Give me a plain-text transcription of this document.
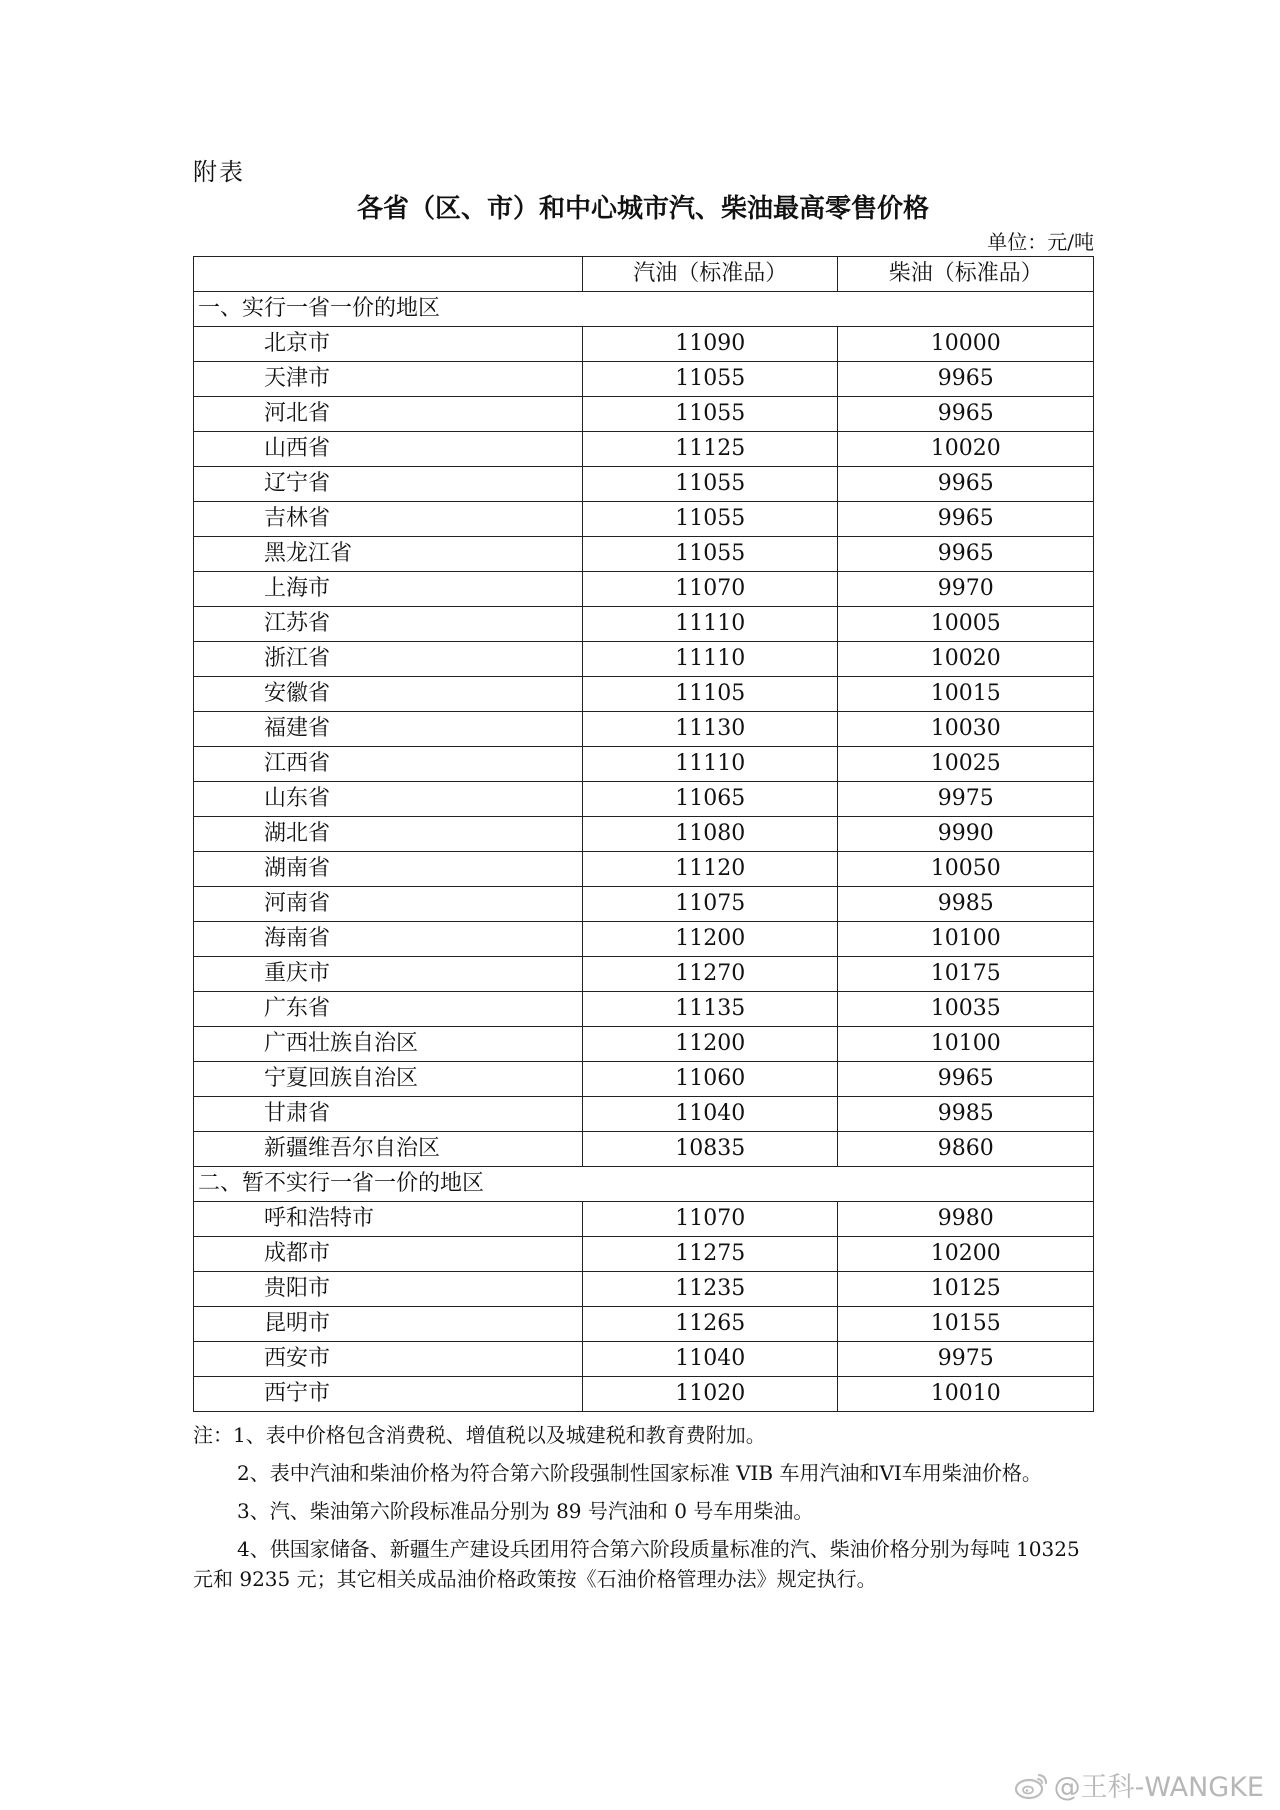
附表
各省（区、市）和中心城市汽、柴油最高零售价格
单位：元/吨
	汽油（标准品）	柴油（标准品）
一、实行一省一价的地区		
北京市	11090	10000
天津市	11055	9965
河北省	11055	9965
山西省	11125	10020
辽宁省	11055	9965
吉林省	11055	9965
黑龙江省	11055	9965
上海市	11070	9970
江苏省	11110	10005
浙江省	11110	10020
安徽省	11105	10015
福建省	11130	10030
江西省	11110	10025
山东省	11065	9975
湖北省	11080	9990
湖南省	11120	10050
河南省	11075	9985
海南省	11200	10100
重庆市	11270	10175
广东省	11135	10035
广西壮族自治区	11200	10100
宁夏回族自治区	11060	9965
甘肃省	11040	9985
新疆维吾尔自治区	10835	9860
二、暂不实行一省一价的地区		
呼和浩特市	11070	9980
成都市	11275	10200
贵阳市	11235	10125
昆明市	11265	10155
西安市	11040	9975
西宁市	11020	10010

注：1、表中价格包含消费税、增值税以及城建税和教育费附加。

2、表中汽油和柴油价格为符合第六阶段强制性国家标准 VIB 车用汽油和VI车用柴油价格。

3、汽、柴油第六阶段标准品分别为 89 号汽油和 0 号车用柴油。

4、供国家储备、新疆生产建设兵团用符合第六阶段质量标准的汽、柴油价格分别为每吨 10325 元和 9235 元；其它相关成品油价格政策按《石油价格管理办法》规定执行。

@王科-WANGKE
